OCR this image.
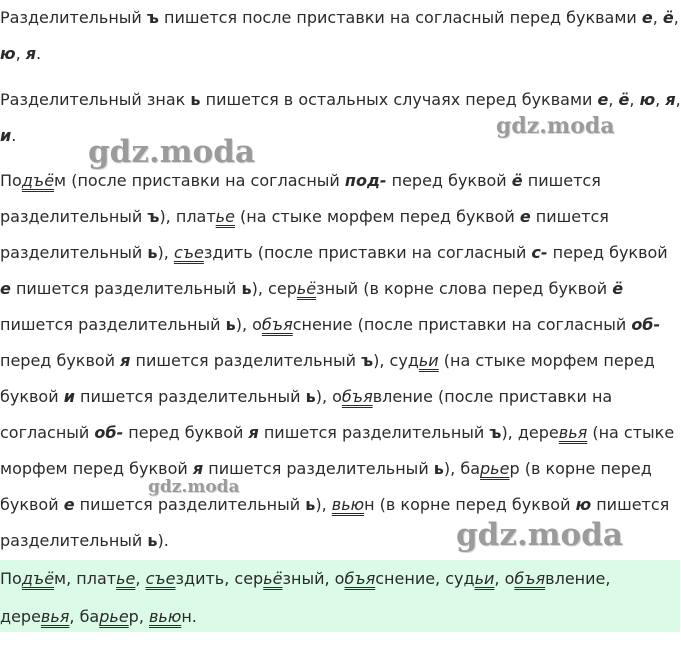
Разделительный ъ пишется после приставки на согласный перед буквами е, ё,
ю, я.
Разделительный знак ь пишется в остальных случаях перед буквами е, ё, ю, я,
и.
Подъём (после приставки на согласный под- перед буквой ё пишется
разделительный ъ), платье (на стыке морфем перед буквой е пишется
разделительный ь), съездить (после приставки на согласный с- перед буквой
е пишется разделительный ь), серьёзный (в корне слова перед буквой ё
пишется разделительный ь), объяснение (после приставки на согласный об-
перед буквой я пишется разделительный ъ), судьи (на стыке морфем перед
буквой и пишется разделительный ь), объявление (после приставки на
согласный об- перед буквой я пишется разделительный ъ), деревья (на стыке
морфем перед буквой я пишется разделительный ь), барьер (в корне перед
буквой е пишется разделительный ь), вьюн (в корне перед буквой ю пишется
разделительный ь).
Подъём, платье, съездить, серьёзный, объяснение, судьи, объявление,
деревья, барьер, вьюн.
gdz.moda
gdz.moda
gdz.moda
gdz.moda
